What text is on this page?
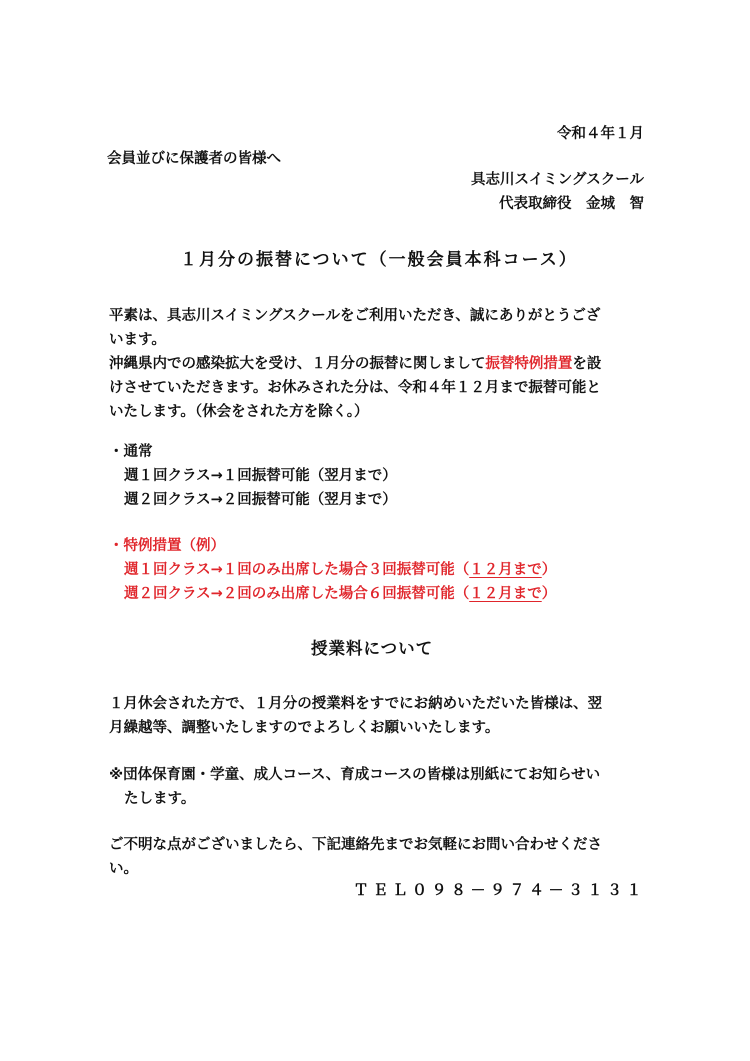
令和４年１月
会員並びに保護者の皆様へ
具志川スイミングスクール
代表取締役　金城　智
１月分の振替について（一般会員本科コース）
平素は、具志川スイミングスクールをご利用いただき、誠にありがとうござ
います。
沖縄県内での感染拡大を受け、１月分の振替に関しまして振替特例措置を設
けさせていただきます。お休みされた分は、令和４年１２月まで振替可能と
いたします。（休会をされた方を除く。）
・通常
週１回クラス→１回振替可能（翌月まで）
週２回クラス→２回振替可能（翌月まで）
・特例措置（例）
週１回クラス→１回のみ出席した場合３回振替可能（１２月まで）
週２回クラス→２回のみ出席した場合６回振替可能（１２月まで）
授業料について
１月休会された方で、１月分の授業料をすでにお納めいただいた皆様は、翌
月繰越等、調整いたしますのでよろしくお願いいたします。
※団体保育園・学童、成人コース、育成コースの皆様は別紙にてお知らせい
たします。
ご不明な点がございましたら、下記連絡先までお気軽にお問い合わせくださ
い。
ＴＥＬ０９８－９７４－３１３１
